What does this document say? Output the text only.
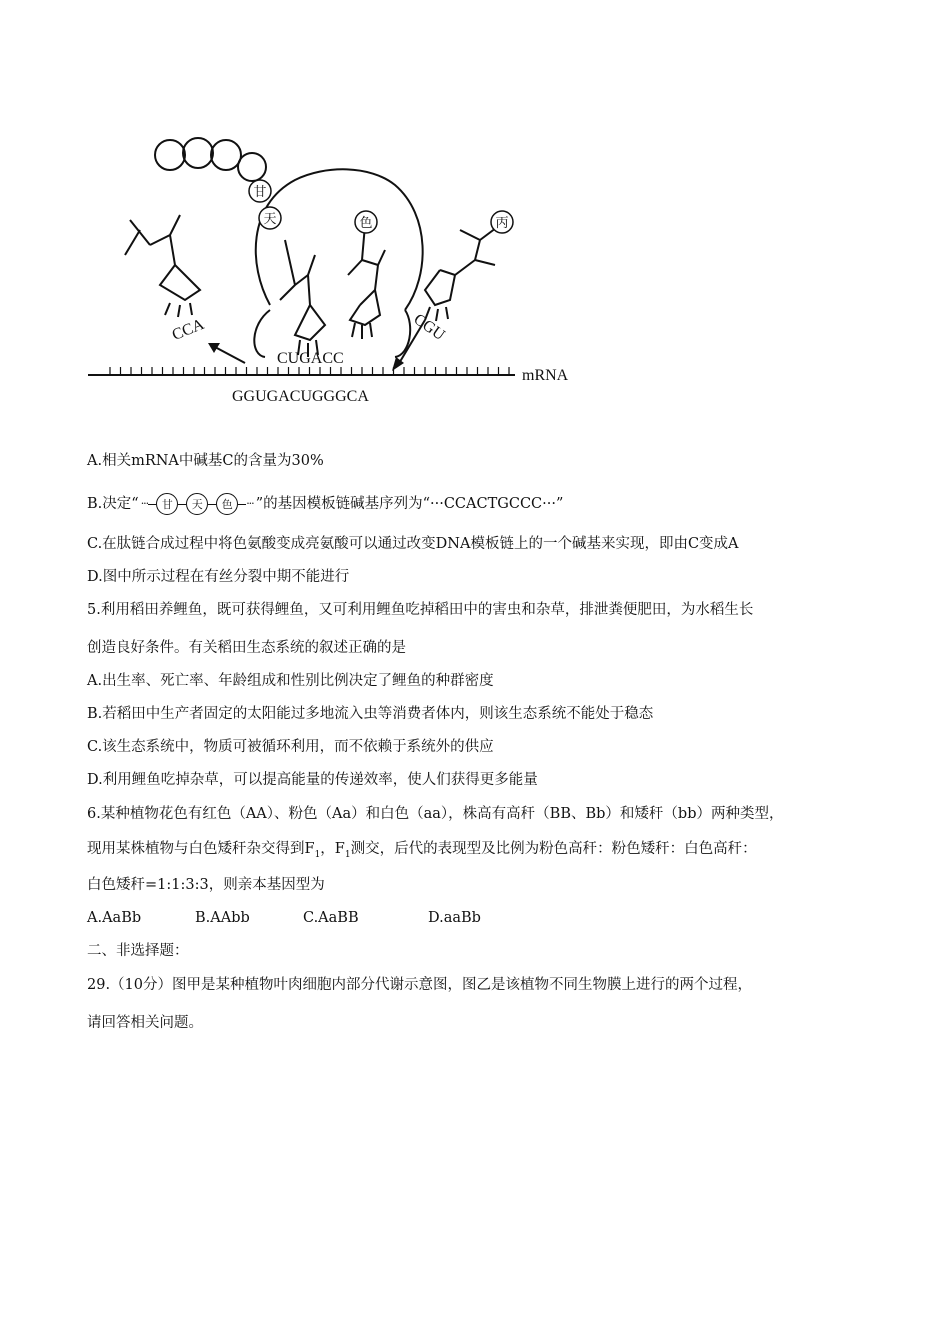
甘
天	色	丙
CCA
CUGACC
CGU
mRNA
GGUGACUGGGCA
A.相关mRNA中碱基C的含量为30%
B.决定“ ···	甘	天	色	··· ”的基因模板链碱基序列为“···CCACTGCCC···”
C.在肽链合成过程中将色氨酸变成亮氨酸可以通过改变DNA模板链上的一个碱基来实现，即由C变成A
D.图中所示过程在有丝分裂中期不能进行
5.利用稻田养鲤鱼，既可获得鲤鱼，又可利用鲤鱼吃掉稻田中的害虫和杂草，排泄粪便肥田，为水稻生长
创造良好条件。有关稻田生态系统的叙述正确的是
A.出生率、死亡率、年龄组成和性别比例决定了鲤鱼的种群密度
B.若稻田中生产者固定的太阳能过多地流入虫等消费者体内，则该生态系统不能处于稳态
C.该生态系统中，物质可被循环利用，而不依赖于系统外的供应
D.利用鲤鱼吃掉杂草，可以提高能量的传递效率，使人们获得更多能量
6.某种植物花色有红色（AA）、粉色（Aa）和白色（aa），株高有高秆（BB、Bb）和矮秆（bb）两种类型，
现用某株植物与白色矮秆杂交得到$F_1$，$F_1$测交，后代的表现型及比例为粉色高秆：粉色矮秆：白色高秆：
白色矮秆=1:1:3:3，则亲本基因型为
A.AaBb	B.AAbb	C.AaBB	D.aaBb
二、非选择题：
29.（10分）图甲是某种植物叶肉细胞内部分代谢示意图，图乙是该植物不同生物膜上进行的两个过程，
请回答相关问题。
